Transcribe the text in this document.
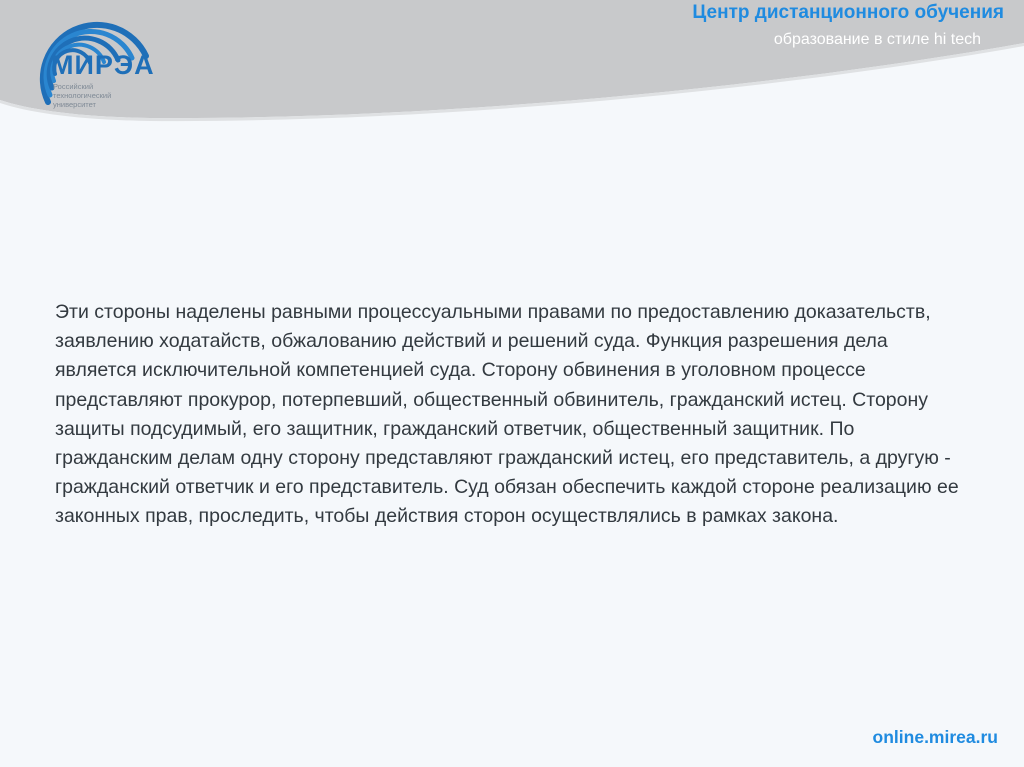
МИРЭА
Российский технологический университет
Центр дистанционного обучения
образование в стиле hi tech
Эти стороны наделены равными процессуальными правами по предоставлению доказательств, заявлению ходатайств, обжалованию действий и решений суда. Функция разрешения дела является исключительной компетенцией суда. Сторону обвинения в уголовном процессе представляют прокурор, потерпевший, общественный обвинитель, гражданский истец. Сторону защиты подсудимый, его защитник, гражданский ответчик, общественный защитник. По гражданским делам одну сторону представляют гражданский истец, его представитель, а другую - гражданский ответчик и его представитель. Суд обязан обеспечить каждой стороне реализацию ее законных прав, проследить, чтобы действия сторон осуществлялись в рамках закона.
online.mirea.ru
